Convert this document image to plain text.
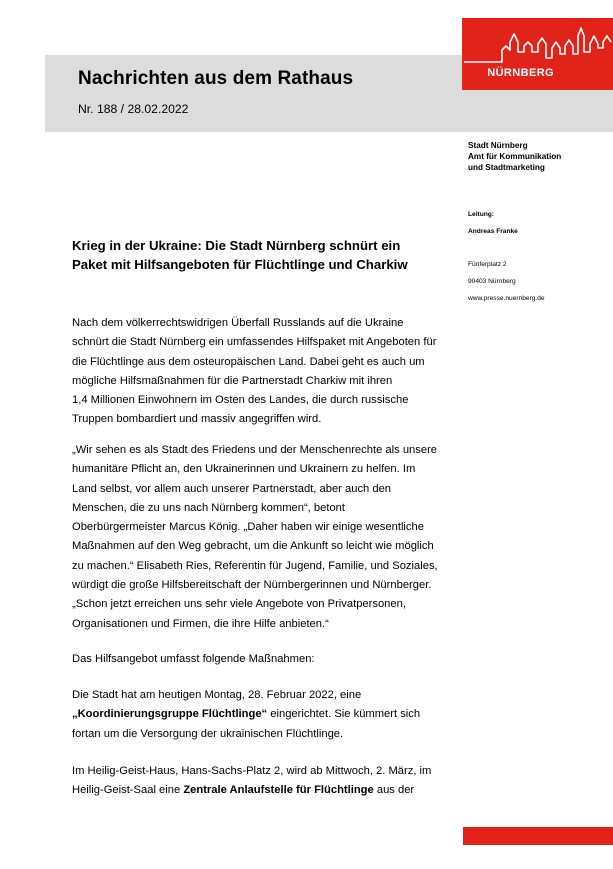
Nachrichten aus dem Rathaus
Nr. 188 / 28.02.2022
NÜRNBERG
Stadt Nürnberg
Amt für Kommunikation
und Stadtmarketing
Leitung:
Andreas Franke
Fünferplatz 2
90403 Nürnberg
www.presse.nuernberg.de
Krieg in der Ukraine: Die Stadt Nürnberg schnürt ein
Paket mit Hilfsangeboten für Flüchtlinge und Charkiw
Nach dem völkerrechtswidrigen Überfall Russlands auf die Ukraine
schnürt die Stadt Nürnberg ein umfassendes Hilfspaket mit Angeboten für
die Flüchtlinge aus dem osteuropäischen Land. Dabei geht es auch um
mögliche Hilfsmaßnahmen für die Partnerstadt Charkiw mit ihren
1,4 Millionen Einwohnern im Osten des Landes, die durch russische
Truppen bombardiert und massiv angegriffen wird.
„Wir sehen es als Stadt des Friedens und der Menschenrechte als unsere
humanitäre Pflicht an, den Ukrainerinnen und Ukrainern zu helfen. Im
Land selbst, vor allem auch unserer Partnerstadt, aber auch den
Menschen, die zu uns nach Nürnberg kommen“, betont
Oberbürgermeister Marcus König. „Daher haben wir einige wesentliche
Maßnahmen auf den Weg gebracht, um die Ankunft so leicht wie möglich
zu machen.“ Elisabeth Ries, Referentin für Jugend, Familie, und Soziales,
würdigt die große Hilfsbereitschaft der Nürnbergerinnen und Nürnberger.
„Schon jetzt erreichen uns sehr viele Angebote von Privatpersonen,
Organisationen und Firmen, die ihre Hilfe anbieten.“
Das Hilfsangebot umfasst folgende Maßnahmen:
Die Stadt hat am heutigen Montag, 28. Februar 2022, eine
„Koordinierungsgruppe Flüchtlinge“ eingerichtet. Sie kümmert sich
fortan um die Versorgung der ukrainischen Flüchtlinge.
Im Heilig-Geist-Haus, Hans-Sachs-Platz 2, wird ab Mittwoch, 2. März, im
Heilig-Geist-Saal eine Zentrale Anlaufstelle für Flüchtlinge aus der
